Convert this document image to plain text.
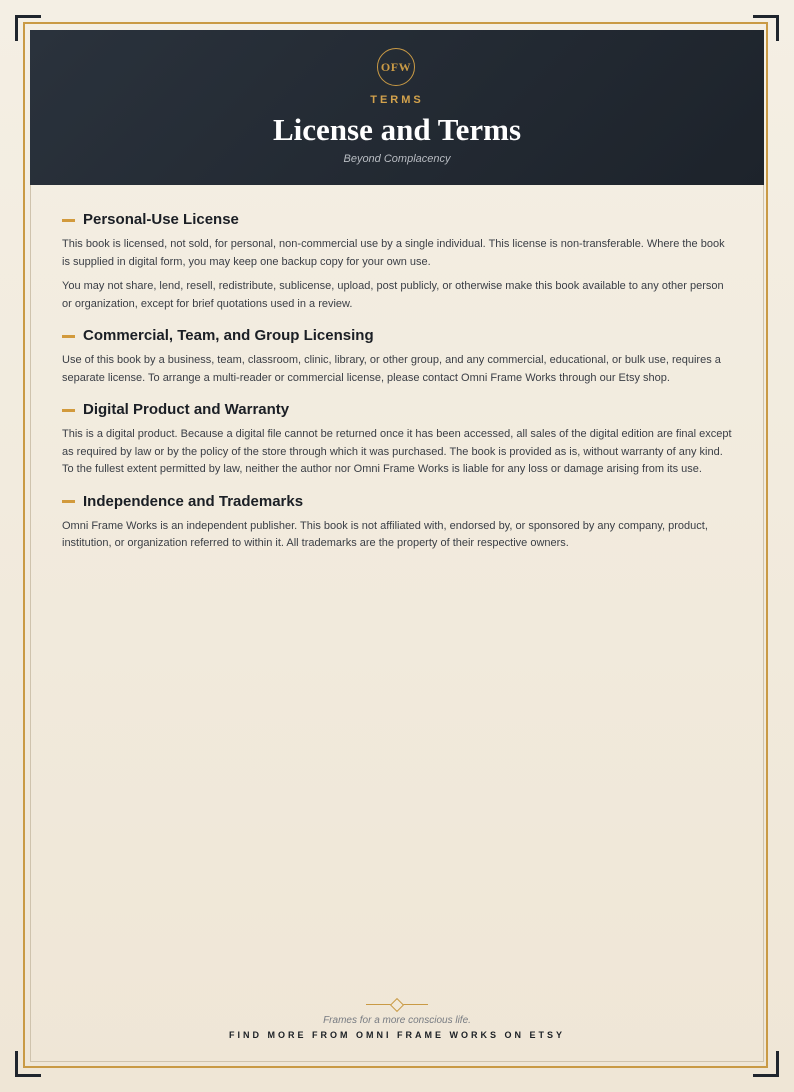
OFW
TERMS
License and Terms
Beyond Complacency
Personal-Use License

This book is licensed, not sold, for personal, non-commercial use by a single individual. This license is non-transferable. Where the book is supplied in digital form, you may keep one backup copy for your own use.

You may not share, lend, resell, redistribute, sublicense, upload, post publicly, or otherwise make this book available to any other person or organization, except for brief quotations used in a review.

Commercial, Team, and Group Licensing

Use of this book by a business, team, classroom, clinic, library, or other group, and any commercial, educational, or bulk use, requires a separate license. To arrange a multi-reader or commercial license, please contact Omni Frame Works through our Etsy shop.

Digital Product and Warranty

This is a digital product. Because a digital file cannot be returned once it has been accessed, all sales of the digital edition are final except as required by law or by the policy of the store through which it was purchased. The book is provided as is, without warranty of any kind. To the fullest extent permitted by law, neither the author nor Omni Frame Works is liable for any loss or damage arising from its use.

Independence and Trademarks

Omni Frame Works is an independent publisher. This book is not affiliated with, endorsed by, or sponsored by any company, product, institution, or organization referred to within it. All trademarks are the property of their respective owners.

Frames for a more conscious life.
FIND MORE FROM OMNI FRAME WORKS ON ETSY
